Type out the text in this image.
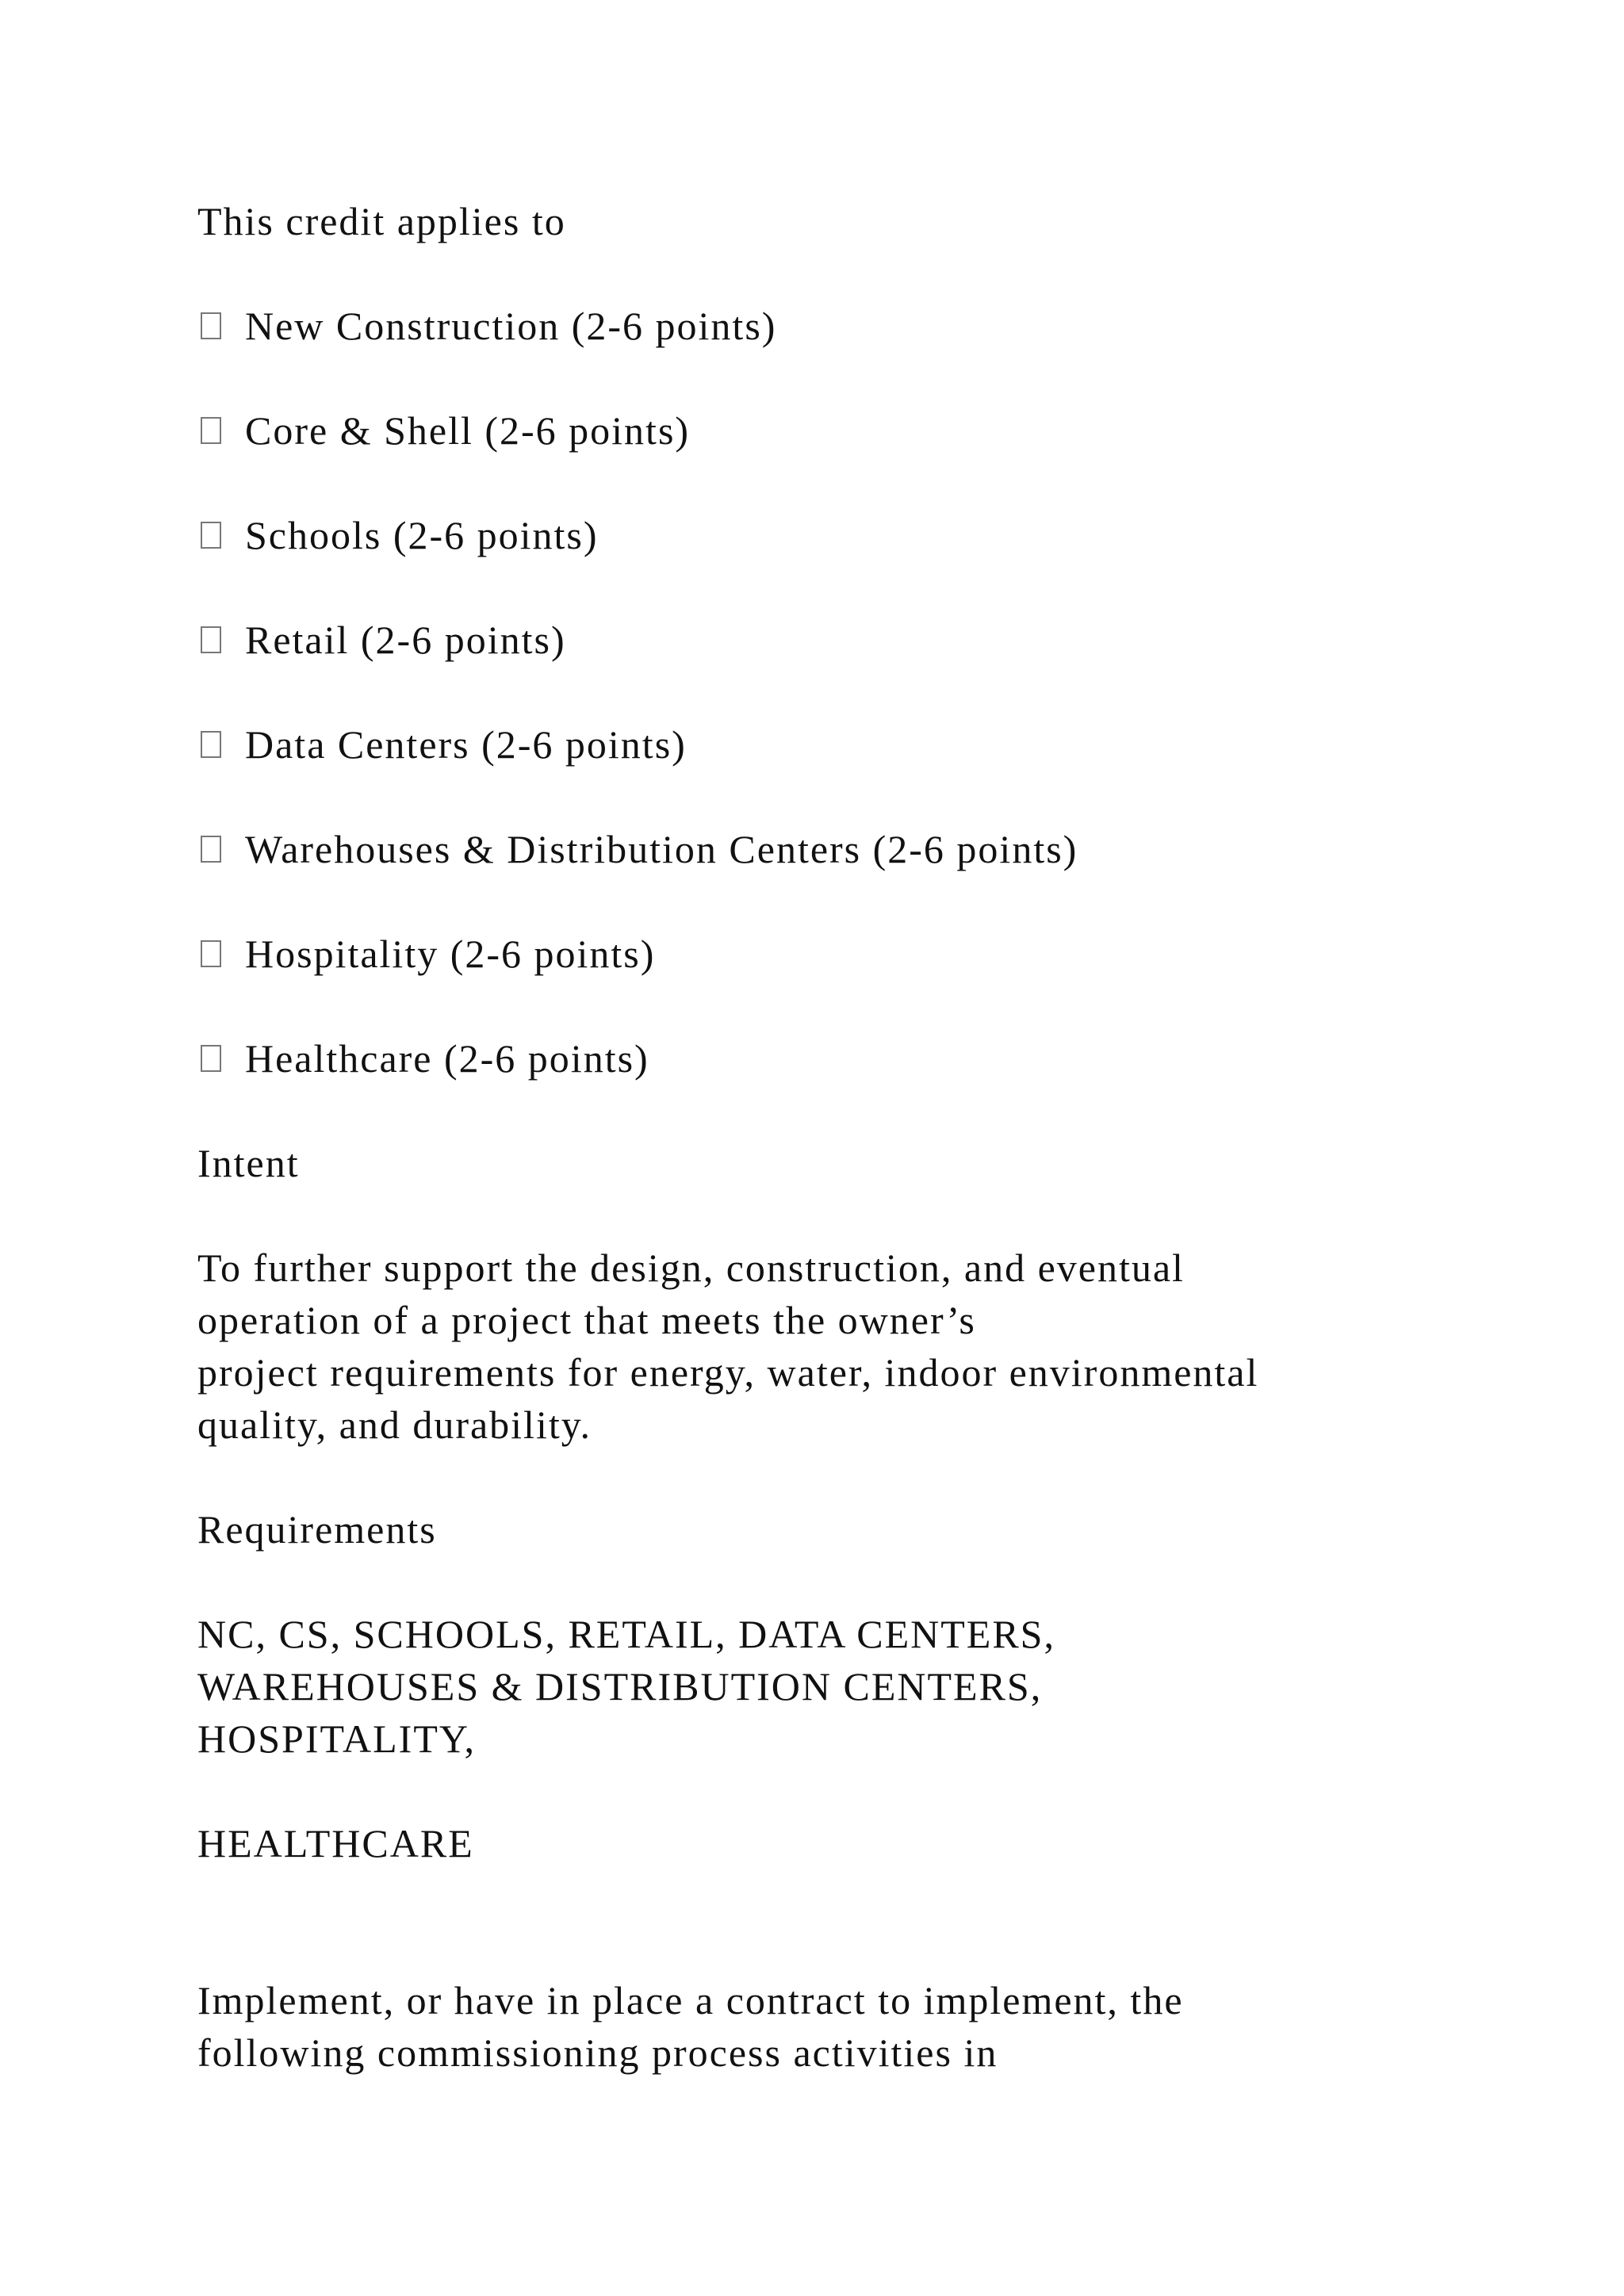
This credit applies to

New Construction (2-6 points)
Core & Shell (2-6 points)
Schools (2-6 points)
Retail (2-6 points)
Data Centers (2-6 points)
Warehouses & Distribution Centers (2-6 points)
Hospitality (2-6 points)
Healthcare (2-6 points)

Intent

To further support the design, construction, and eventual
operation of a project that meets the owner’s
project requirements for energy, water, indoor environmental
quality, and durability.

Requirements

NC, CS, SCHOOLS, RETAIL, DATA CENTERS,
WAREHOUSES & DISTRIBUTION CENTERS,
HOSPITALITY,

HEALTHCARE

Implement, or have in place a contract to implement, the
following commissioning process activities in
